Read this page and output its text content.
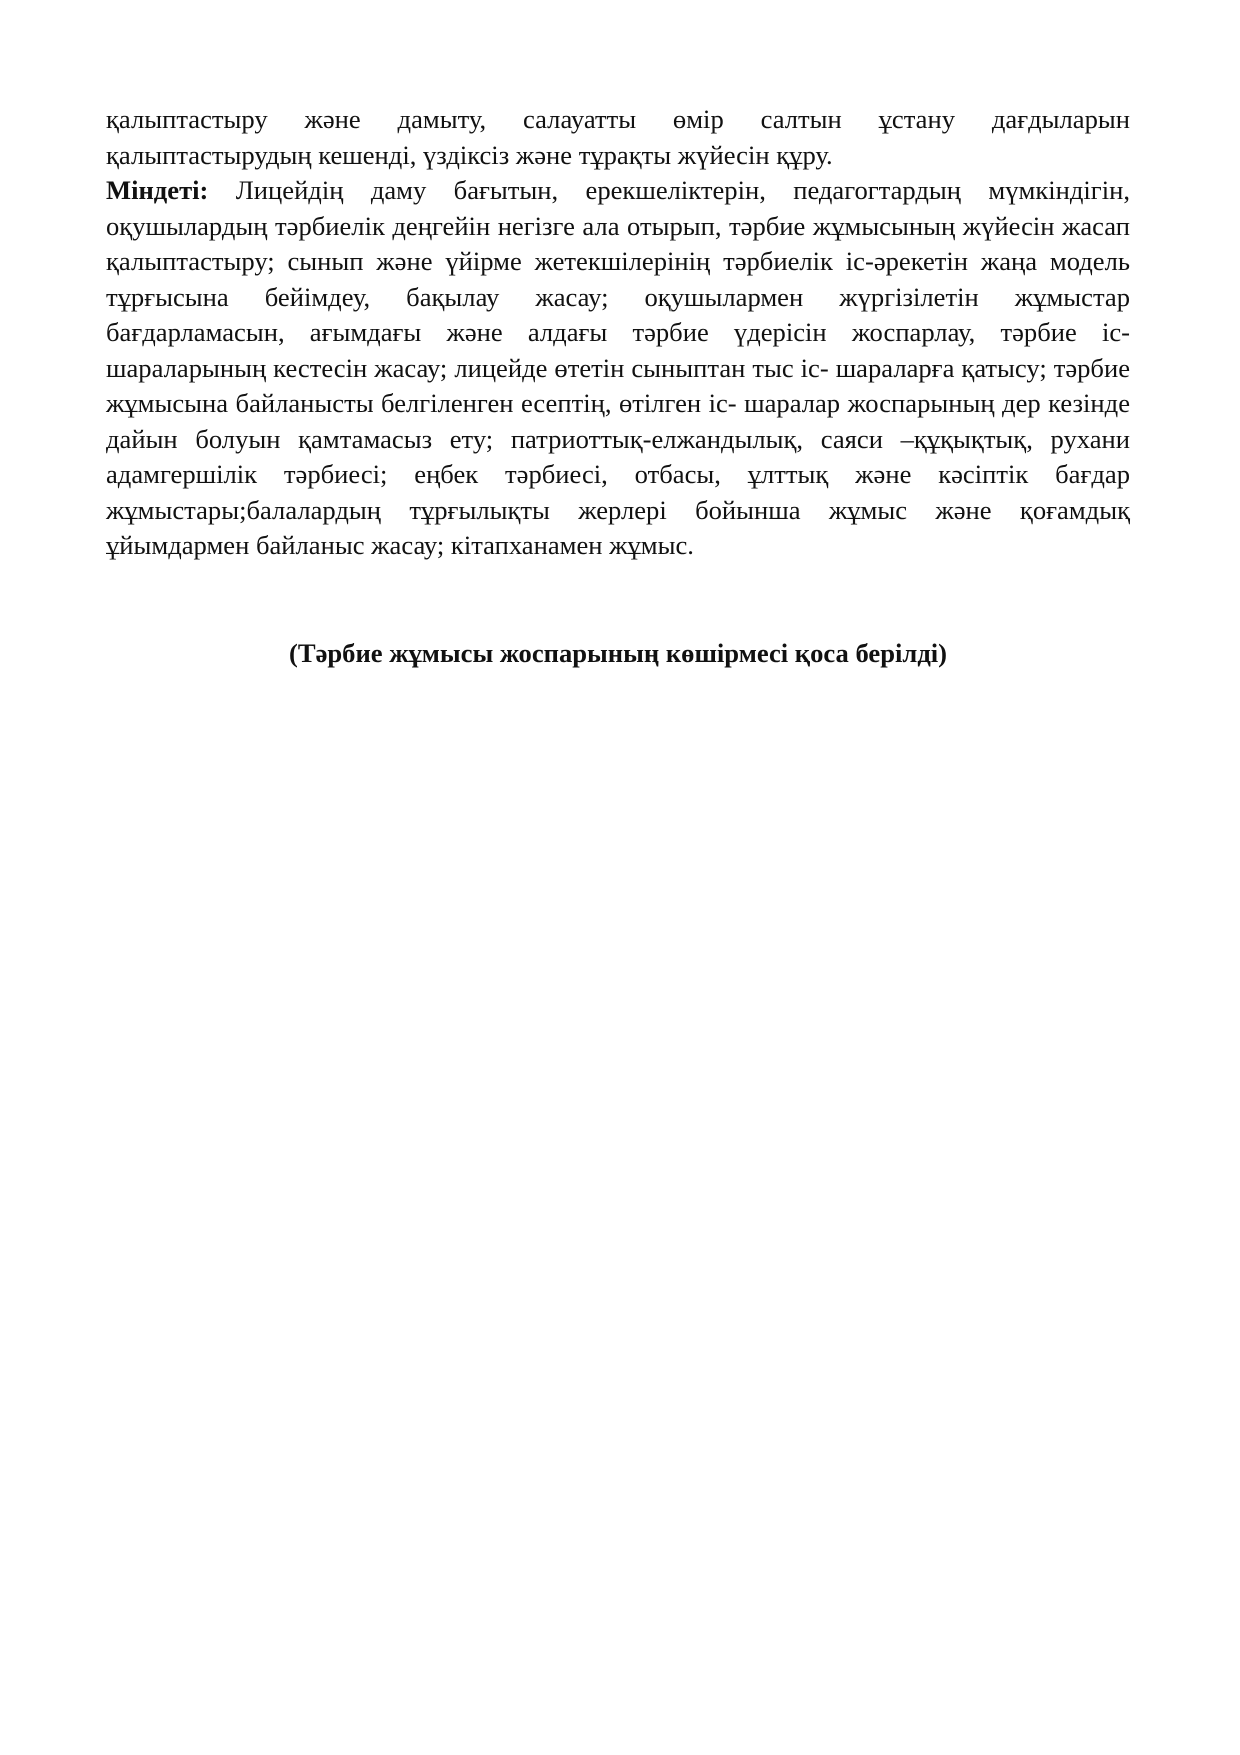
қалыптастыру және дамыту, салауатты өмір салтын ұстану дағдыларын қалыптастырудың кешенді, үздіксіз және тұрақты жүйесін құру.

Міндеті: Лицейдің даму бағытын, ерекшеліктерін, педагогтардың мүмкіндігін, оқушылардың тәрбиелік деңгейін негізге ала отырып, тәрбие жұмысының жүйесін жасап қалыптастыру; сынып және үйірме жетекшілерінің тәрбиелік іс-әрекетін жаңа модель тұрғысына бейімдеу, бақылау жасау; оқушылармен жүргізілетін жұмыстар бағдарламасын, ағымдағы және алдағы тәрбие үдерісін жоспарлау, тәрбие іс-шараларының кестесін жасау; лицейде өтетін сыныптан тыс іс- шараларға қатысу; тәрбие жұмысына байланысты белгіленген есептің, өтілген іс- шаралар жоспарының дер кезінде дайын болуын қамтамасыз ету; патриоттық-елжандылық, саяси –құқықтық, рухани адамгершілік тәрбиесі; еңбек тәрбиесі, отбасы, ұлттық және кәсіптік бағдар жұмыстары;балалардың тұрғылықты жерлері бойынша жұмыс және қоғамдық ұйымдармен байланыс жасау; кітапханамен жұмыс.

(Тәрбие жұмысы жоспарының көшірмесі қоса берілді)
